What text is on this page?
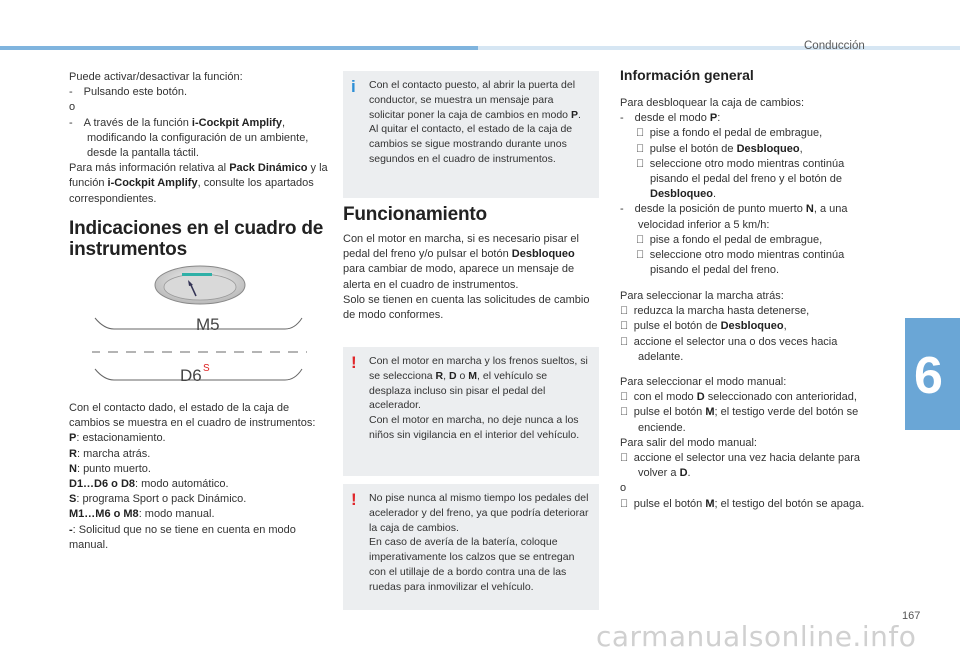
Conducción
6
167
carmanualsonline.info

Puede activar/desactivar la función:

- Pulsando este botón.

o

- A través de la función i-Cockpit Amplify, modificando la configuración de un ambiente, desde la pantalla táctil.

Para más información relativa al Pack Dinámico y la función i-Cockpit Amplify, consulte los apartados correspondientes.

Indicaciones en el cuadro de instrumentos
M5
D6 S

Con el contacto dado, el estado de la caja de cambios se muestra en el cuadro de instrumentos:

P: estacionamiento.

R: marcha atrás.

N: punto muerto.

D1…D6 o D8: modo automático.

S: programa Sport o pack Dinámico.

M1…M6 o M8: modo manual.

-: Solicitud que no se tiene en cuenta en modo manual.

i Con el contacto puesto, al abrir la puerta del conductor, se muestra un mensaje para solicitar poner la caja de cambios en modo P.

Al quitar el contacto, el estado de la caja de cambios se sigue mostrando durante unos segundos en el cuadro de instrumentos.

Funcionamiento

Con el motor en marcha, si es necesario pisar el pedal del freno y/o pulsar el botón Desbloqueo para cambiar de modo, aparece un mensaje de alerta en el cuadro de instrumentos.

Solo se tienen en cuenta las solicitudes de cambio de modo conformes.

! Con el motor en marcha y los frenos sueltos, si se selecciona R, D o M, el vehículo se desplaza incluso sin pisar el pedal del acelerador.

Con el motor en marcha, no deje nunca a los niños sin vigilancia en el interior del vehículo.

! No pise nunca al mismo tiempo los pedales del acelerador y del freno, ya que podría deteriorar la caja de cambios.

En caso de avería de la batería, coloque imperativamente los calzos que se entregan con el utillaje de a bordo contra una de las ruedas para inmovilizar el vehículo.

Información general

Para desbloquear la caja de cambios:

- desde el modo P:

 pise a fondo el pedal de embrague,

 pulse el botón de Desbloqueo,

 seleccione otro modo mientras continúa pisando el pedal del freno y el botón de Desbloqueo.

- desde la posición de punto muerto N, a una velocidad inferior a 5 km/h:

 pise a fondo el pedal de embrague,

 seleccione otro modo mientras continúa pisando el pedal del freno.

Para seleccionar la marcha atrás:

 reduzca la marcha hasta detenerse,

 pulse el botón de Desbloqueo,

 accione el selector una o dos veces hacia adelante.

Para seleccionar el modo manual:

 con el modo D seleccionado con anterioridad,

 pulse el botón M; el testigo verde del botón se enciende.

Para salir del modo manual:

 accione el selector una vez hacia delante para volver a D.

o

 pulse el botón M; el testigo del botón se apaga.
